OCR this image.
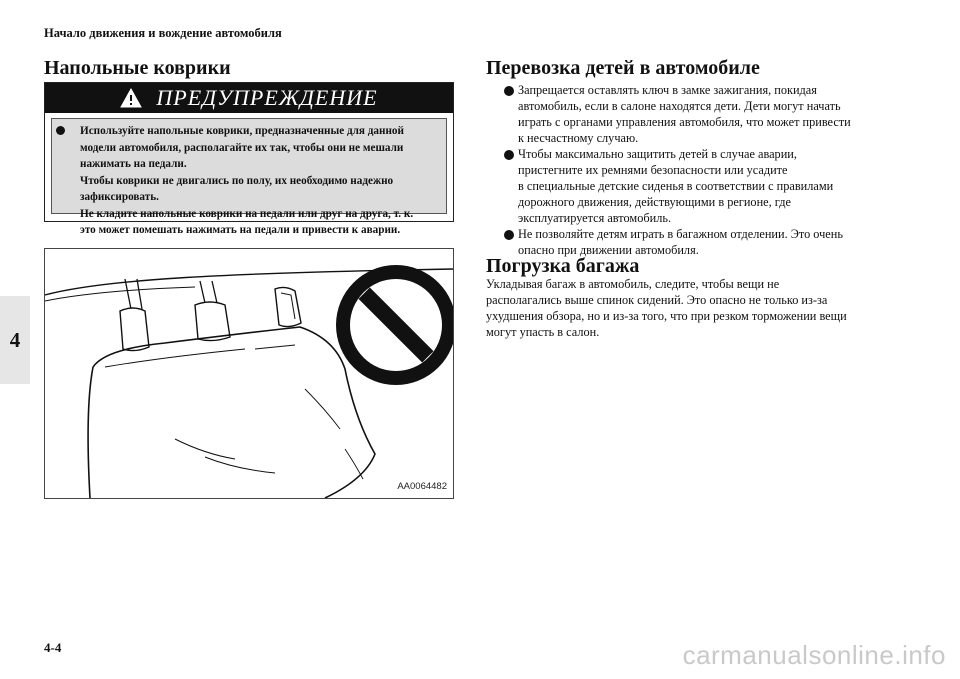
Начало движения и вождение автомобиля
4
Напольные коврики
ПРЕДУПРЕЖДЕНИЕ
Используйте напольные коврики, предназначенные для данной
модели автомобиля, располагайте их так, чтобы они не мешали
нажимать на педали.
Чтобы коврики не двигались по полу, их необходимо надежно
зафиксировать.
Не кладите напольные коврики на педали или друг на друга, т. к.
это может помешать нажимать на педали и привести к аварии.
AA0064482
Перевозка детей в автомобиле
Запрещается оставлять ключ в замке зажигания, покидая
автомобиль, если в салоне находятся дети. Дети могут начать
играть с органами управления автомобиля, что может привести
к несчастному случаю.
Чтобы максимально защитить детей в случае аварии,
пристегните их ремнями безопасности или усадите
в специальные детские сиденья в соответствии с правилами
дорожного движения, действующими в регионе, где
эксплуатируется автомобиль.
Не позволяйте детям играть в багажном отделении. Это очень
опасно при движении автомобиля.
Погрузка багажа
Укладывая багаж в автомобиль, следите, чтобы вещи не
располагались выше спинок сидений. Это опасно не только из-за
ухудшения обзора, но и из-за того, что при резком торможении вещи
могут упасть в салон.
4-4	carmanualsonline.info
